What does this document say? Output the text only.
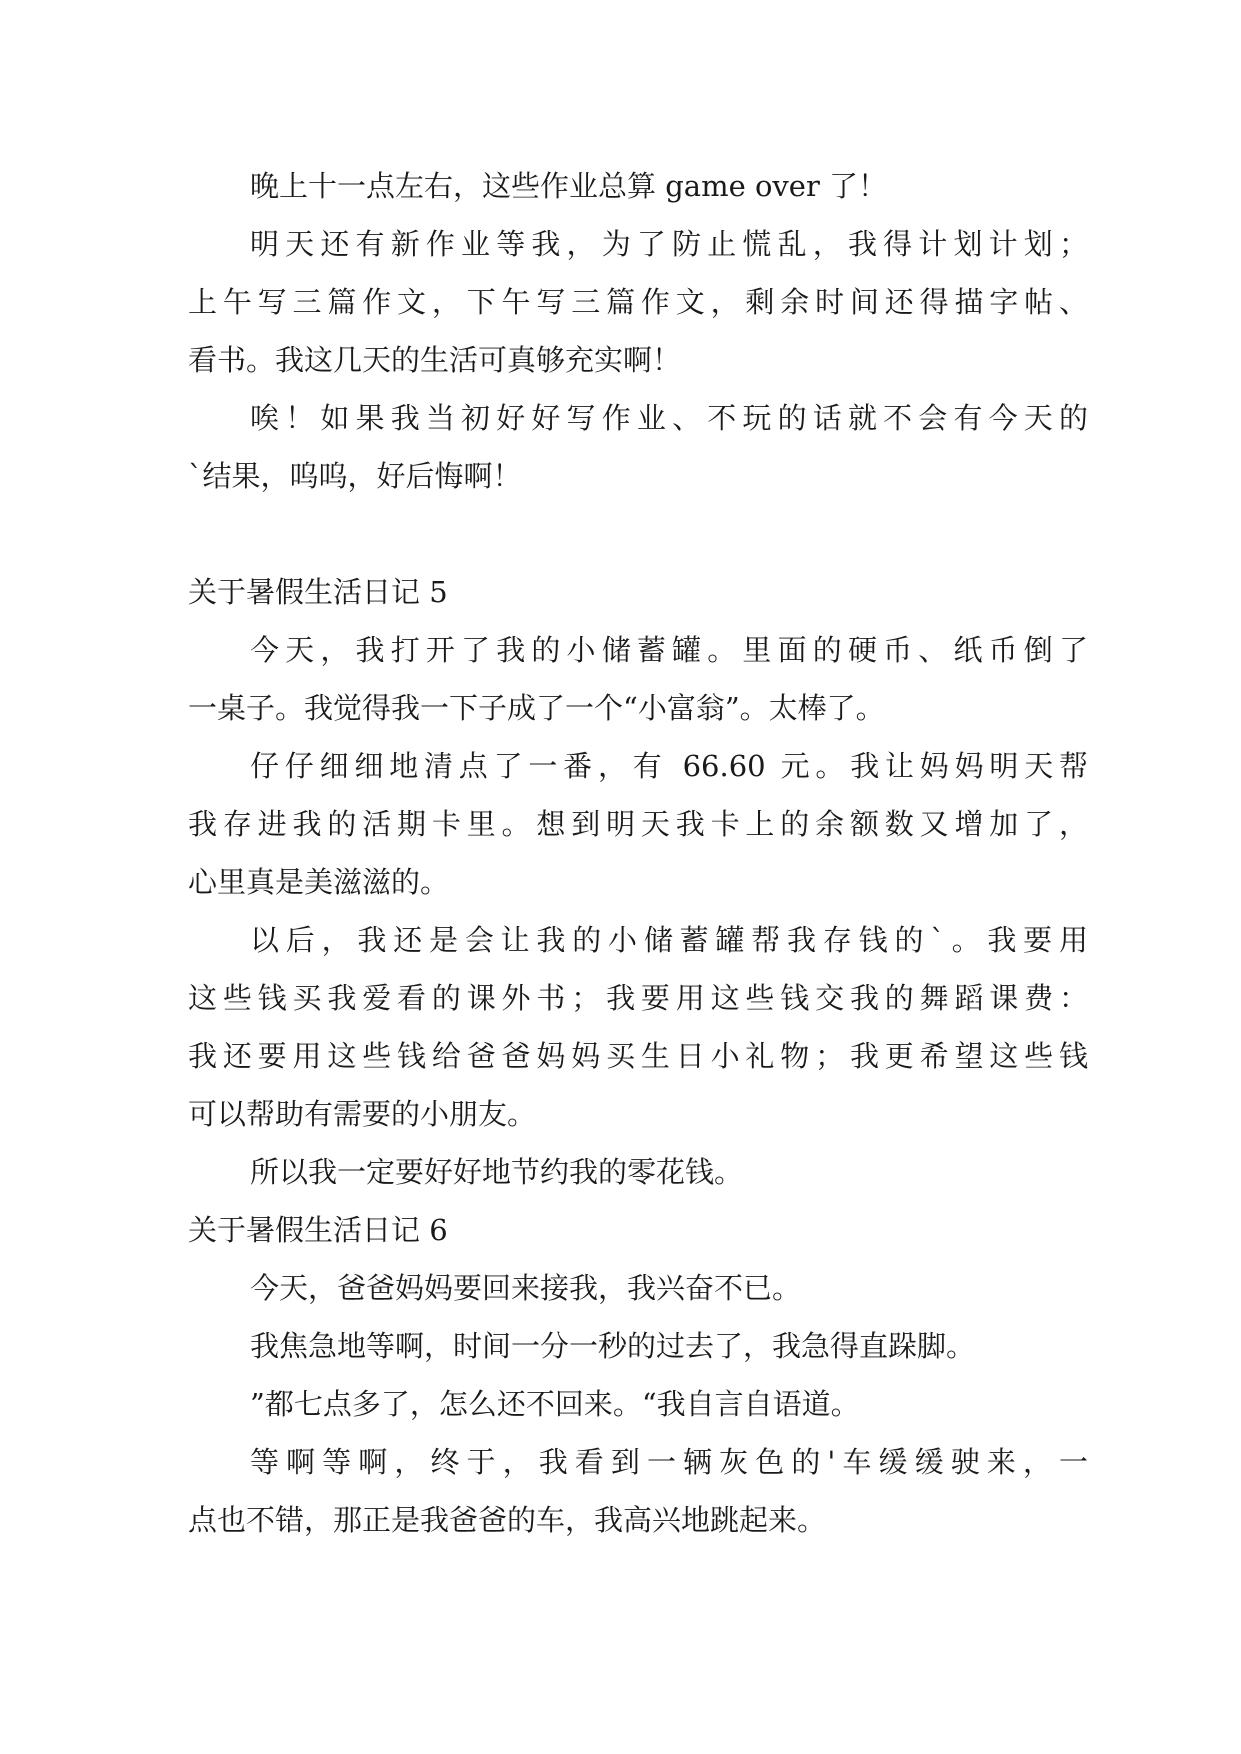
晚上十一点左右，这些作业总算 game over 了！
明天还有新作业等我，为了防止慌乱，我得计划计划；
上午写三篇作文，下午写三篇作文，剩余时间还得描字帖、
看书。我这几天的生活可真够充实啊！
唉！如果我当初好好写作业、不玩的话就不会有今天的
`结果，呜呜，好后悔啊！
关于暑假生活日记 5
今天，我打开了我的小储蓄罐。里面的硬币、纸币倒了
一桌子。我觉得我一下子成了一个“小富翁”。太棒了。
仔仔细细地清点了一番，有 66.60 元。我让妈妈明天帮
我存进我的活期卡里。想到明天我卡上的余额数又增加了，
心里真是美滋滋的。
以后，我还是会让我的小储蓄罐帮我存钱的`。我要用
这些钱买我爱看的课外书；我要用这些钱交我的舞蹈课费：
我还要用这些钱给爸爸妈妈买生日小礼物；我更希望这些钱
可以帮助有需要的小朋友。
所以我一定要好好地节约我的零花钱。
关于暑假生活日记 6
今天，爸爸妈妈要回来接我，我兴奋不已。
我焦急地等啊，时间一分一秒的过去了，我急得直跺脚。
”都七点多了，怎么还不回来。“我自言自语道。
等啊等啊，终于，我看到一辆灰色的'车缓缓驶来，一
点也不错，那正是我爸爸的车，我高兴地跳起来。
